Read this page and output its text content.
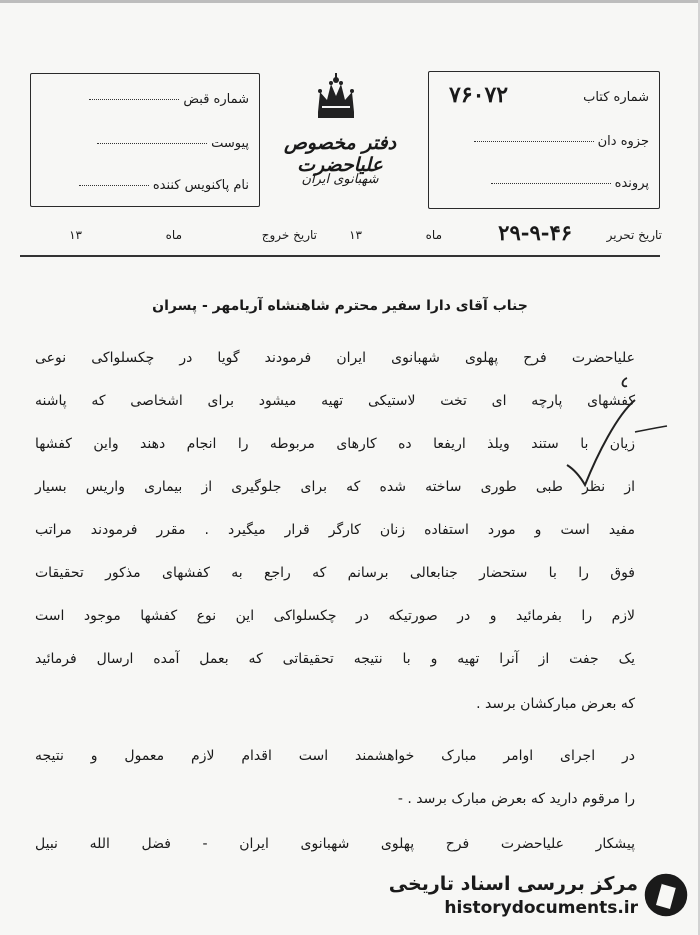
شماره قبض
پیوست
نام پاکنویس کننده
دفتر مخصوص علیاحضرت
شهبانوی ایران
شماره کتاب
۷۶۰۷۲
جزوه دان
پرونده
تاریخ تحریر
۲۹-۹-۴۶
ماه
۱۳
تاریخ خروج
ماه
۱۳
جناب آقای دارا سفیر محترم شاهنشاه آریامهر - پسران
علیاحضرت فرح پهلوی شهبانوی ایران فرمودند گویا در چکسلواکی نوعی
کفشهای پارچه ای تخت لاستیکی تهیه میشود برای اشخاصی که پاشنه
زیان با ستند ویلذ اریفعا ده کارهای مربوطه را انجام دهند واین کفشها
از نظر طبی طوری ساخته شده که برای جلوگیری از بیماری واریس بسیار
مفید است و مورد استفاده زنان کارگر قرار میگیرد . مقرر فرمودند مراتب
فوق را با ستحضار جنابعالی برسانم که راجع به کفشهای مذکور تحقیقات
لازم را بفرمائید و در صورتیکه در چکسلواکی این نوع کفشها موجود است
یک جفت از آنرا تهیه و با نتیجه تحقیقاتی که بعمل آمده ارسال فرمائید
که بعرض مبارکشان برسد .
در اجرای اوامر مبارک خواهشمند است اقدام لازم معمول و نتیجه
را مرقوم دارید که بعرض مبارک برسد . -
پیشکار علیاحضرت فرح پهلوی شهبانوی ایران - فضل الله نبیل
مرکز بررسی اسناد تاریخی
historydocuments.ir
